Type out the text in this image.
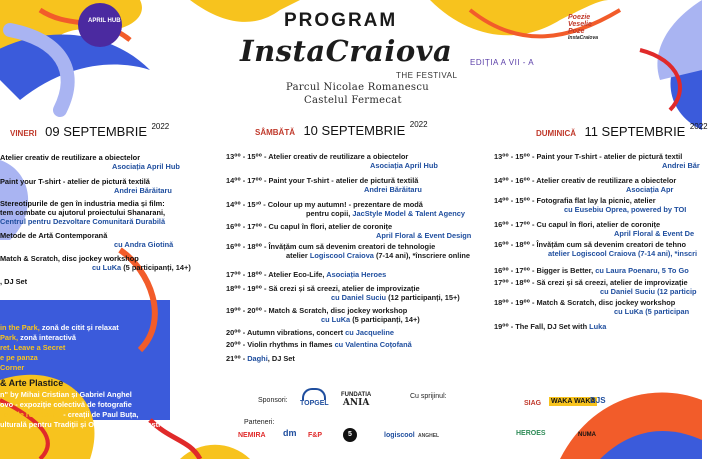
PROGRAM
InstaCraiova
THE FESTIVAL
EDIȚIA A VII - A
Parcul Nicolae Romanescu
Castelul Fermecat
APRIL HUB	Poezie
Veselie
Poze
InstaCraiova
VINERI 09 SEPTEMBRIE $^{2022}$
Atelier creativ de reutilizare a obiectelor
Asociația April Hub
Paint your T-shirt - atelier de pictură textilă
Andrei Bărăitaru
Stereotipurile de gen în industria media și film:
tem combate cu ajutorul proiectului Shanarani,
Centrul pentru Dezvoltare Comunitară Durabilă
Metode de Artă Contemporană
cu Andra Giotină
Match & Scratch, disc jockey workshop
cu LuKa (5 participanți, 14+)
, DJ Set
in the Park, zonă de citit și relaxat
Park, zonă interactivă
ret. Leave a Secret
e pe panza
Corner
& Arte Plastice
n" by Mihai Cristian și Gabriel Anghel
ovo - expoziție colectivă de fotografie
ționale românești - creații de Paul Buța,
ulturală pentru Tradiții și Obiceiuri Românești "VATRA"
$_{SÂMBĂTĂ}$ $_{10 SEPTEMBRIE}$ 2022
13⁰⁰ - 15⁰⁰ - Atelier creativ de reutilizare a obiectelor
Asociația April Hub
14⁰⁰ - 17⁰⁰ - Paint your T-shirt - atelier de pictură textilă
Andrei Bărăitaru
14⁰⁰ - 15³⁰ - Colour up my autumn! - prezentare de modă
pentru copii, JacStyle Model & Talent Agency
16⁰⁰ - 17⁰⁰ - Cu capul în flori, atelier de coronițe
April Floral & Event Design
16⁰⁰ - 18⁰⁰ - Învățăm cum să devenim creatori de tehnologie
atelier Logiscool Craiova (7-14 ani), *înscriere online
17⁰⁰ - 18⁰⁰ - Atelier Eco-Life, Asociația Heroes
18⁰⁰ - 19⁰⁰ - Să crezi și să creezi, atelier de improvizație
cu Daniel Suciu (12 participanți, 15+)
19⁰⁰ - 20⁰⁰ - Match & Scratch, disc jockey workshop
cu LuKa (5 participanți, 14+)
20⁰⁰ - Autumn vibrations, concert cu Jacqueline
20⁰⁰ - Violin rhythms in flames cu Valentina Coțofană
21⁰⁰ - Daghi, DJ Set
DUMINICĂ 11 SEPTEMBRIE $^{2022}$
13⁰⁰ - 15⁰⁰ - Paint your T-shirt - atelier de pictură textil
Andrei Băr
14⁰⁰ - 16⁰⁰ - Atelier creativ de reutilizare a obiectelor
Asociația Apr
14⁰⁰ - 15⁰⁰ - Fotografia flat lay la picnic, atelier
cu Eusebiu Oprea, powered by TOI
16⁰⁰ - 17⁰⁰ - Cu capul în flori, atelier de coronițe
April Floral & Event De
16⁰⁰ - 18⁰⁰ - Învățăm cum să devenim creatori de tehno
atelier Logiscool Craiova (7-14 ani), *inscri
16⁰⁰ - 17⁰⁰ - Bigger is Better, cu Laura Poenaru, 5 To Go
17⁰⁰ - 18⁰⁰ - Să crezi și să creezi, atelier de improvizație
cu Daniel Suciu (12 particip
18⁰⁰ - 19⁰⁰ - Match & Scratch, disc jockey workshop
cu LuKa (5 participan
19⁰⁰ - The Fall, DJ Set with Luka
Sponsori: TOPGEL
FUNDATIA
ANIA
Cu sprijinul:
SIAG WAKA WAKA
DJS
Parteneri:
NEMIRA dm F&P	5	HEROES
logiscool ANGHEL	NUMA
